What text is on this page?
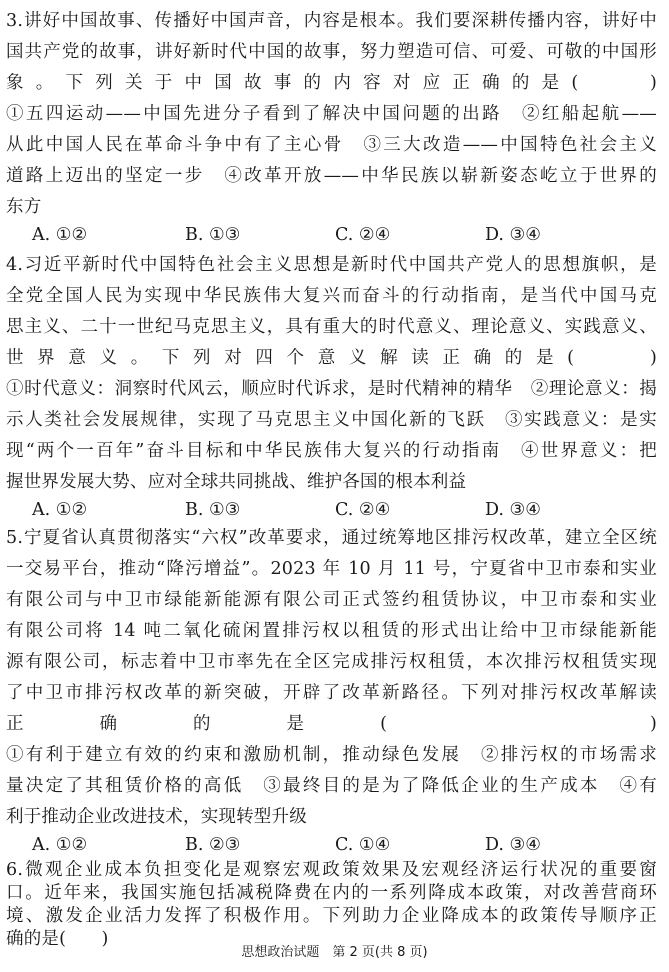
3.讲好中国故事、传播好中国声音，内容是根本。我们要深耕传播内容，讲好中
国共产党的故事，讲好新时代中国的故事，努力塑造可信、可爱、可敬的中国形
象。下列关于中国故事的内容对应正确的是(　　)
①五四运动——中国先进分子看到了解决中国问题的出路　②红船起航——
从此中国人民在革命斗争中有了主心骨　③三大改造——中国特色社会主义
道路上迈出的坚定一步　④改革开放——中华民族以崭新姿态屹立于世界的
东方
A. ①②	B. ①③	C. ②④	D. ③④
4.习近平新时代中国特色社会主义思想是新时代中国共产党人的思想旗帜，是
全党全国人民为实现中华民族伟大复兴而奋斗的行动指南，是当代中国马克
思主义、二十一世纪马克思主义，具有重大的时代意义、理论意义、实践意义、
世界意义。下列对四个意义解读正确的是(　　)
①时代意义：洞察时代风云，顺应时代诉求，是时代精神的精华　②理论意义：揭
示人类社会发展规律，实现了马克思主义中国化新的飞跃　③实践意义：是实
现“两个一百年”奋斗目标和中华民族伟大复兴的行动指南　④世界意义：把
握世界发展大势、应对全球共同挑战、维护各国的根本利益
A. ①②	B. ①③	C. ②④	D. ③④
5.宁夏省认真贯彻落实“六权”改革要求，通过统筹地区排污权改革，建立全区统
一交易平台，推动“降污增益”。2023 年 10 月 11 号，宁夏省中卫市泰和实业
有限公司与中卫市绿能新能源有限公司正式签约租赁协议，中卫市泰和实业
有限公司将 14 吨二氧化硫闲置排污权以租赁的形式出让给中卫市绿能新能
源有限公司，标志着中卫市率先在全区完成排污权租赁，本次排污权租赁实现
了中卫市排污权改革的新突破，开辟了改革新路径。下列对排污权改革解读
正确的是(　　)
①有利于建立有效的约束和激励机制，推动绿色发展　②排污权的市场需求
量决定了其租赁价格的高低　③最终目的是为了降低企业的生产成本　④有
利于推动企业改进技术，实现转型升级
A. ①②	B. ②③	C. ①④	D. ③④
6.微观企业成本负担变化是观察宏观政策效果及宏观经济运行状况的重要窗
口。近年来，我国实施包括减税降费在内的一系列降成本政策，对改善营商环
境、激发企业活力发挥了积极作用。下列助力企业降成本的政策传导顺序正
确的是(　　)
思想政治试题　第 2 页(共 8 页)
